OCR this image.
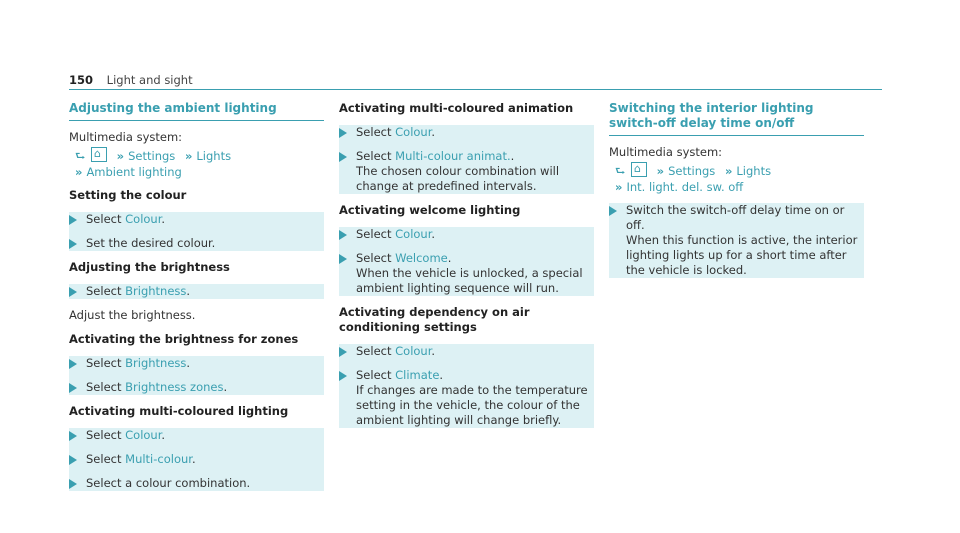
150 Light and sight
Adjusting the ambient lighting
Multimedia system:
⮑ ⌂	» Settings » Lights
» Ambient lighting
Setting the colour
Select Colour.
Set the desired colour.
Adjusting the brightness
Select Brightness.
Adjust the brightness.
Activating the brightness for zones
Select Brightness.
Select Brightness zones.
Activating multi-coloured lighting
Select Colour.
Select Multi-colour.
Select a colour combination.
Activating multi-coloured animation
Select Colour.
Select Multi-colour animat..
The chosen colour combination will change at predefined intervals.
Activating welcome lighting
Select Colour.
Select Welcome.
When the vehicle is unlocked, a special ambient lighting sequence will run.
Activating dependency on air conditioning settings
Select Colour.
Select Climate.
If changes are made to the temperature setting in the vehicle, the colour of the ambient lighting will change briefly.
Switching the interior lighting switch-off delay time on/off
Multimedia system:
⮑ ⌂	» Settings » Lights
» Int. light. del. sw. off
Switch the switch-off delay time on or off.
When this function is active, the interior lighting lights up for a short time after the vehicle is locked.
